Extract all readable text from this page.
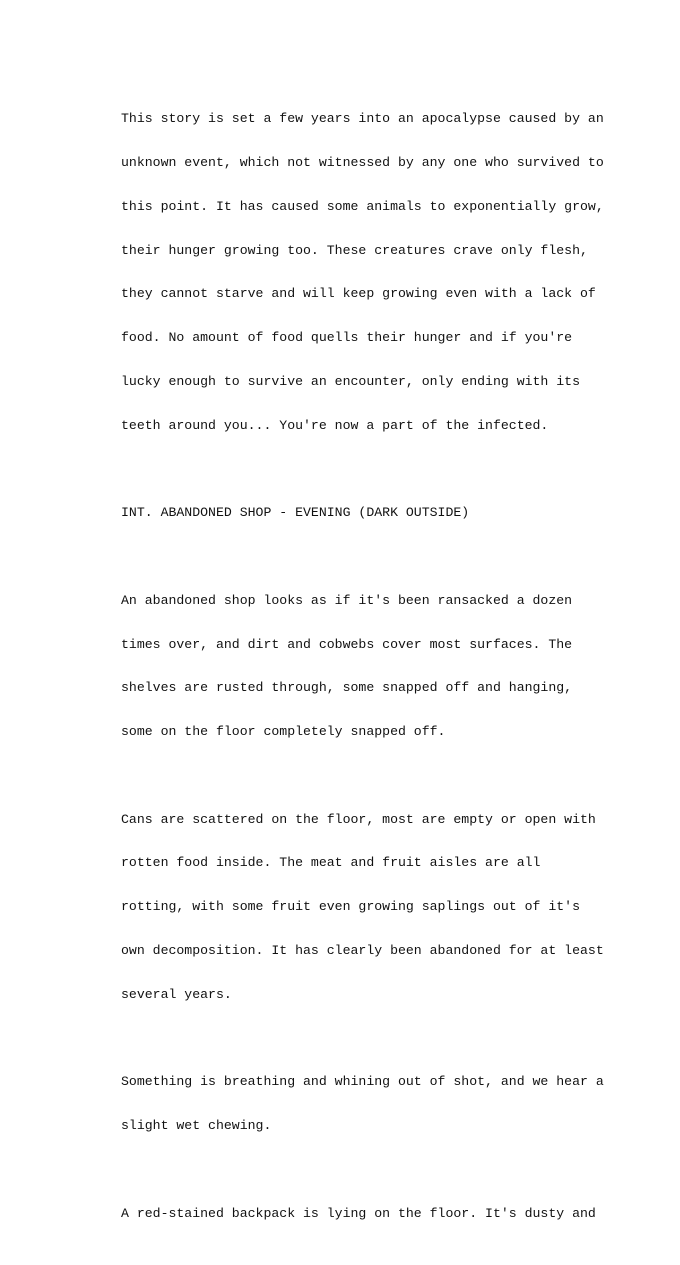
This story is set a few years into an apocalypse caused by an

unknown event, which not witnessed by any one who survived to

this point. It has caused some animals to exponentially grow,

their hunger growing too. These creatures crave only flesh,

they cannot starve and will keep growing even with a lack of

food. No amount of food quells their hunger and if you're

lucky enough to survive an encounter, only ending with its

teeth around you... You're now a part of the infected.

INT. ABANDONED SHOP - EVENING (DARK OUTSIDE)

An abandoned shop looks as if it's been ransacked a dozen

times over, and dirt and cobwebs cover most surfaces. The

shelves are rusted through, some snapped off and hanging,

some on the floor completely snapped off.

Cans are scattered on the floor, most are empty or open with

rotten food inside. The meat and fruit aisles are all

rotting, with some fruit even growing saplings out of it's

own decomposition. It has clearly been abandoned for at least

several years.

Something is breathing and whining out of shot, and we hear a

slight wet chewing.

A red-stained backpack is lying on the floor. It's dusty and
